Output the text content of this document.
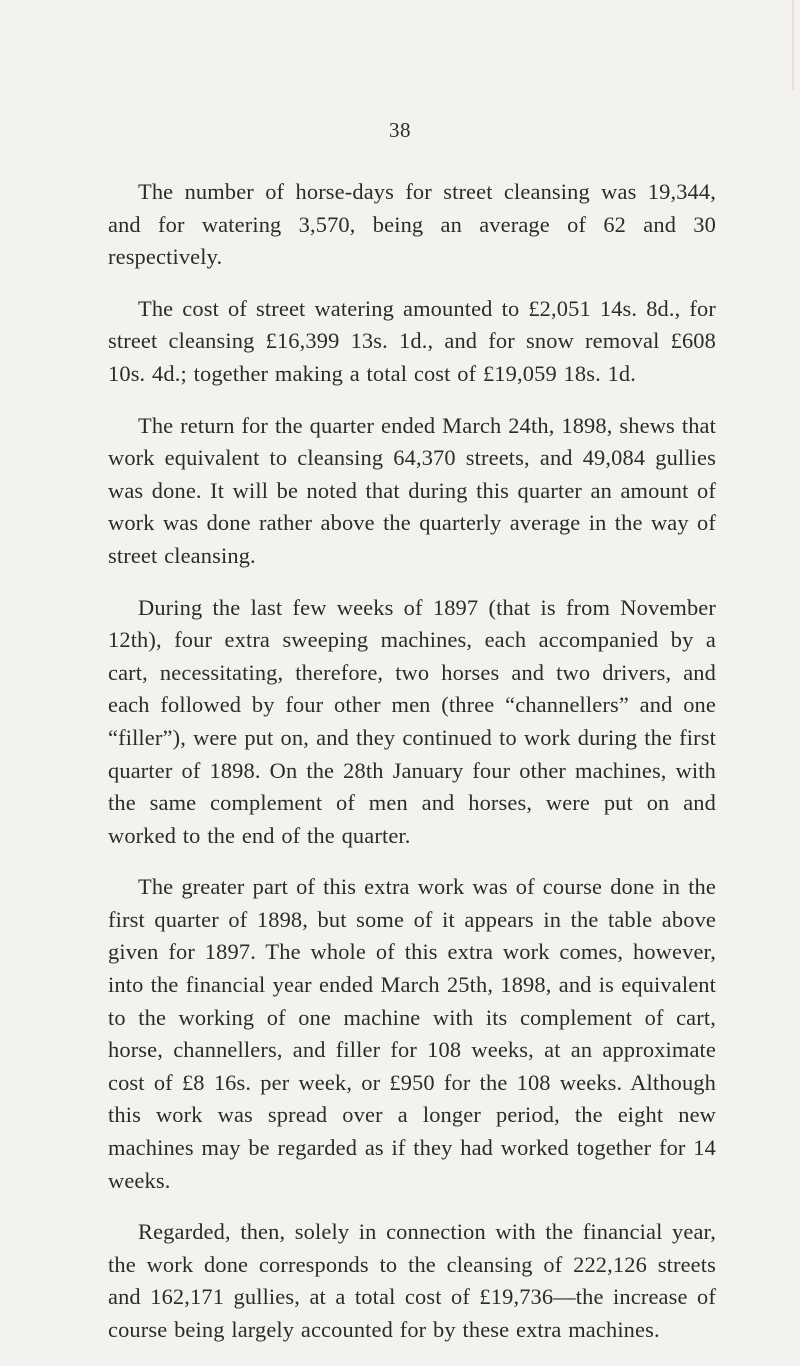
38

The number of horse-days for street cleansing was 19,344, and for watering 3,570, being an average of 62 and 30 respectively.

The cost of street watering amounted to £2,051 14s. 8d., for street cleansing £16,399 13s. 1d., and for snow removal £608 10s. 4d.; together making a total cost of £19,059 18s. 1d.

The return for the quarter ended March 24th, 1898, shews that work equivalent to cleansing 64,370 streets, and 49,084 gullies was done. It will be noted that during this quarter an amount of work was done rather above the quarterly average in the way of street cleansing.

During the last few weeks of 1897 (that is from November 12th), four extra sweeping machines, each accompanied by a cart, necessitating, therefore, two horses and two drivers, and each followed by four other men (three “channellers” and one “filler”), were put on, and they continued to work during the first quarter of 1898. On the 28th January four other machines, with the same complement of men and horses, were put on and worked to the end of the quarter.

The greater part of this extra work was of course done in the first quarter of 1898, but some of it appears in the table above given for 1897. The whole of this extra work comes, however, into the financial year ended March 25th, 1898, and is equivalent to the working of one machine with its complement of cart, horse, channellers, and filler for 108 weeks, at an approximate cost of £8 16s. per week, or £950 for the 108 weeks. Although this work was spread over a longer period, the eight new machines may be regarded as if they had worked together for 14 weeks.

Regarded, then, solely in connection with the financial year, the work done corresponds to the cleansing of 222,126 streets and 162,171 gullies, at a total cost of £19,736—the increase of course being largely accounted for by these extra machines.
